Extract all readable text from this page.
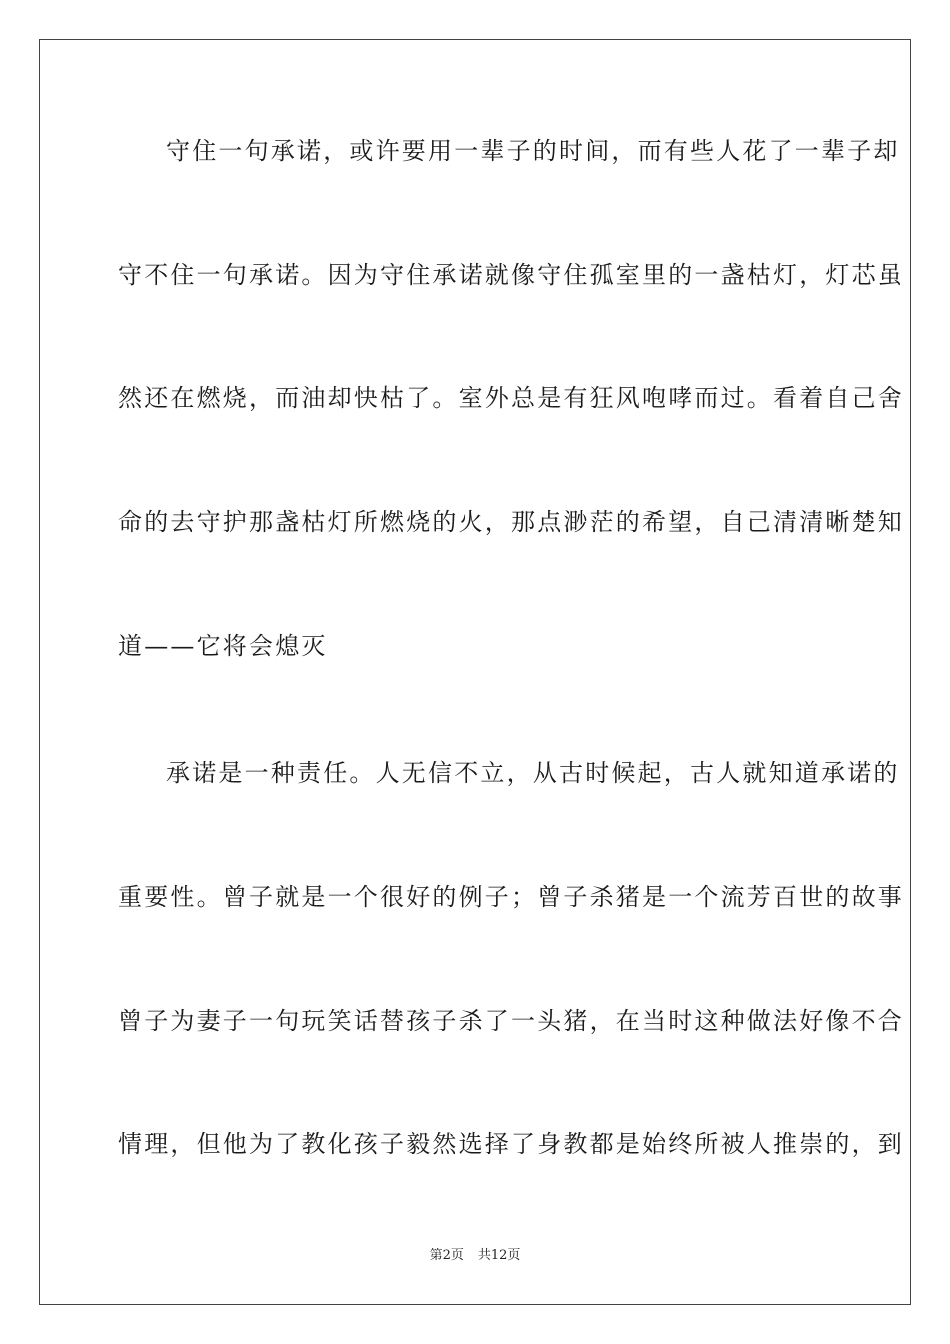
守住一句承诺，或许要用一辈子的时间，而有些人花了一辈子却
守不住一句承诺。因为守住承诺就像守住孤室里的一盏枯灯，灯芯虽
然还在燃烧，而油却快枯了。室外总是有狂风咆哮而过。看着自己舍
命的去守护那盏枯灯所燃烧的火，那点渺茫的希望，自己清清晰楚知
道——它将会熄灭
承诺是一种责任。人无信不立，从古时候起，古人就知道承诺的
重要性。曾子就是一个很好的例子；曾子杀猪是一个流芳百世的故事
曾子为妻子一句玩笑话替孩子杀了一头猪，在当时这种做法好像不合
情理，但他为了教化孩子毅然选择了身教都是始终所被人推崇的，到
第2页 共12页
